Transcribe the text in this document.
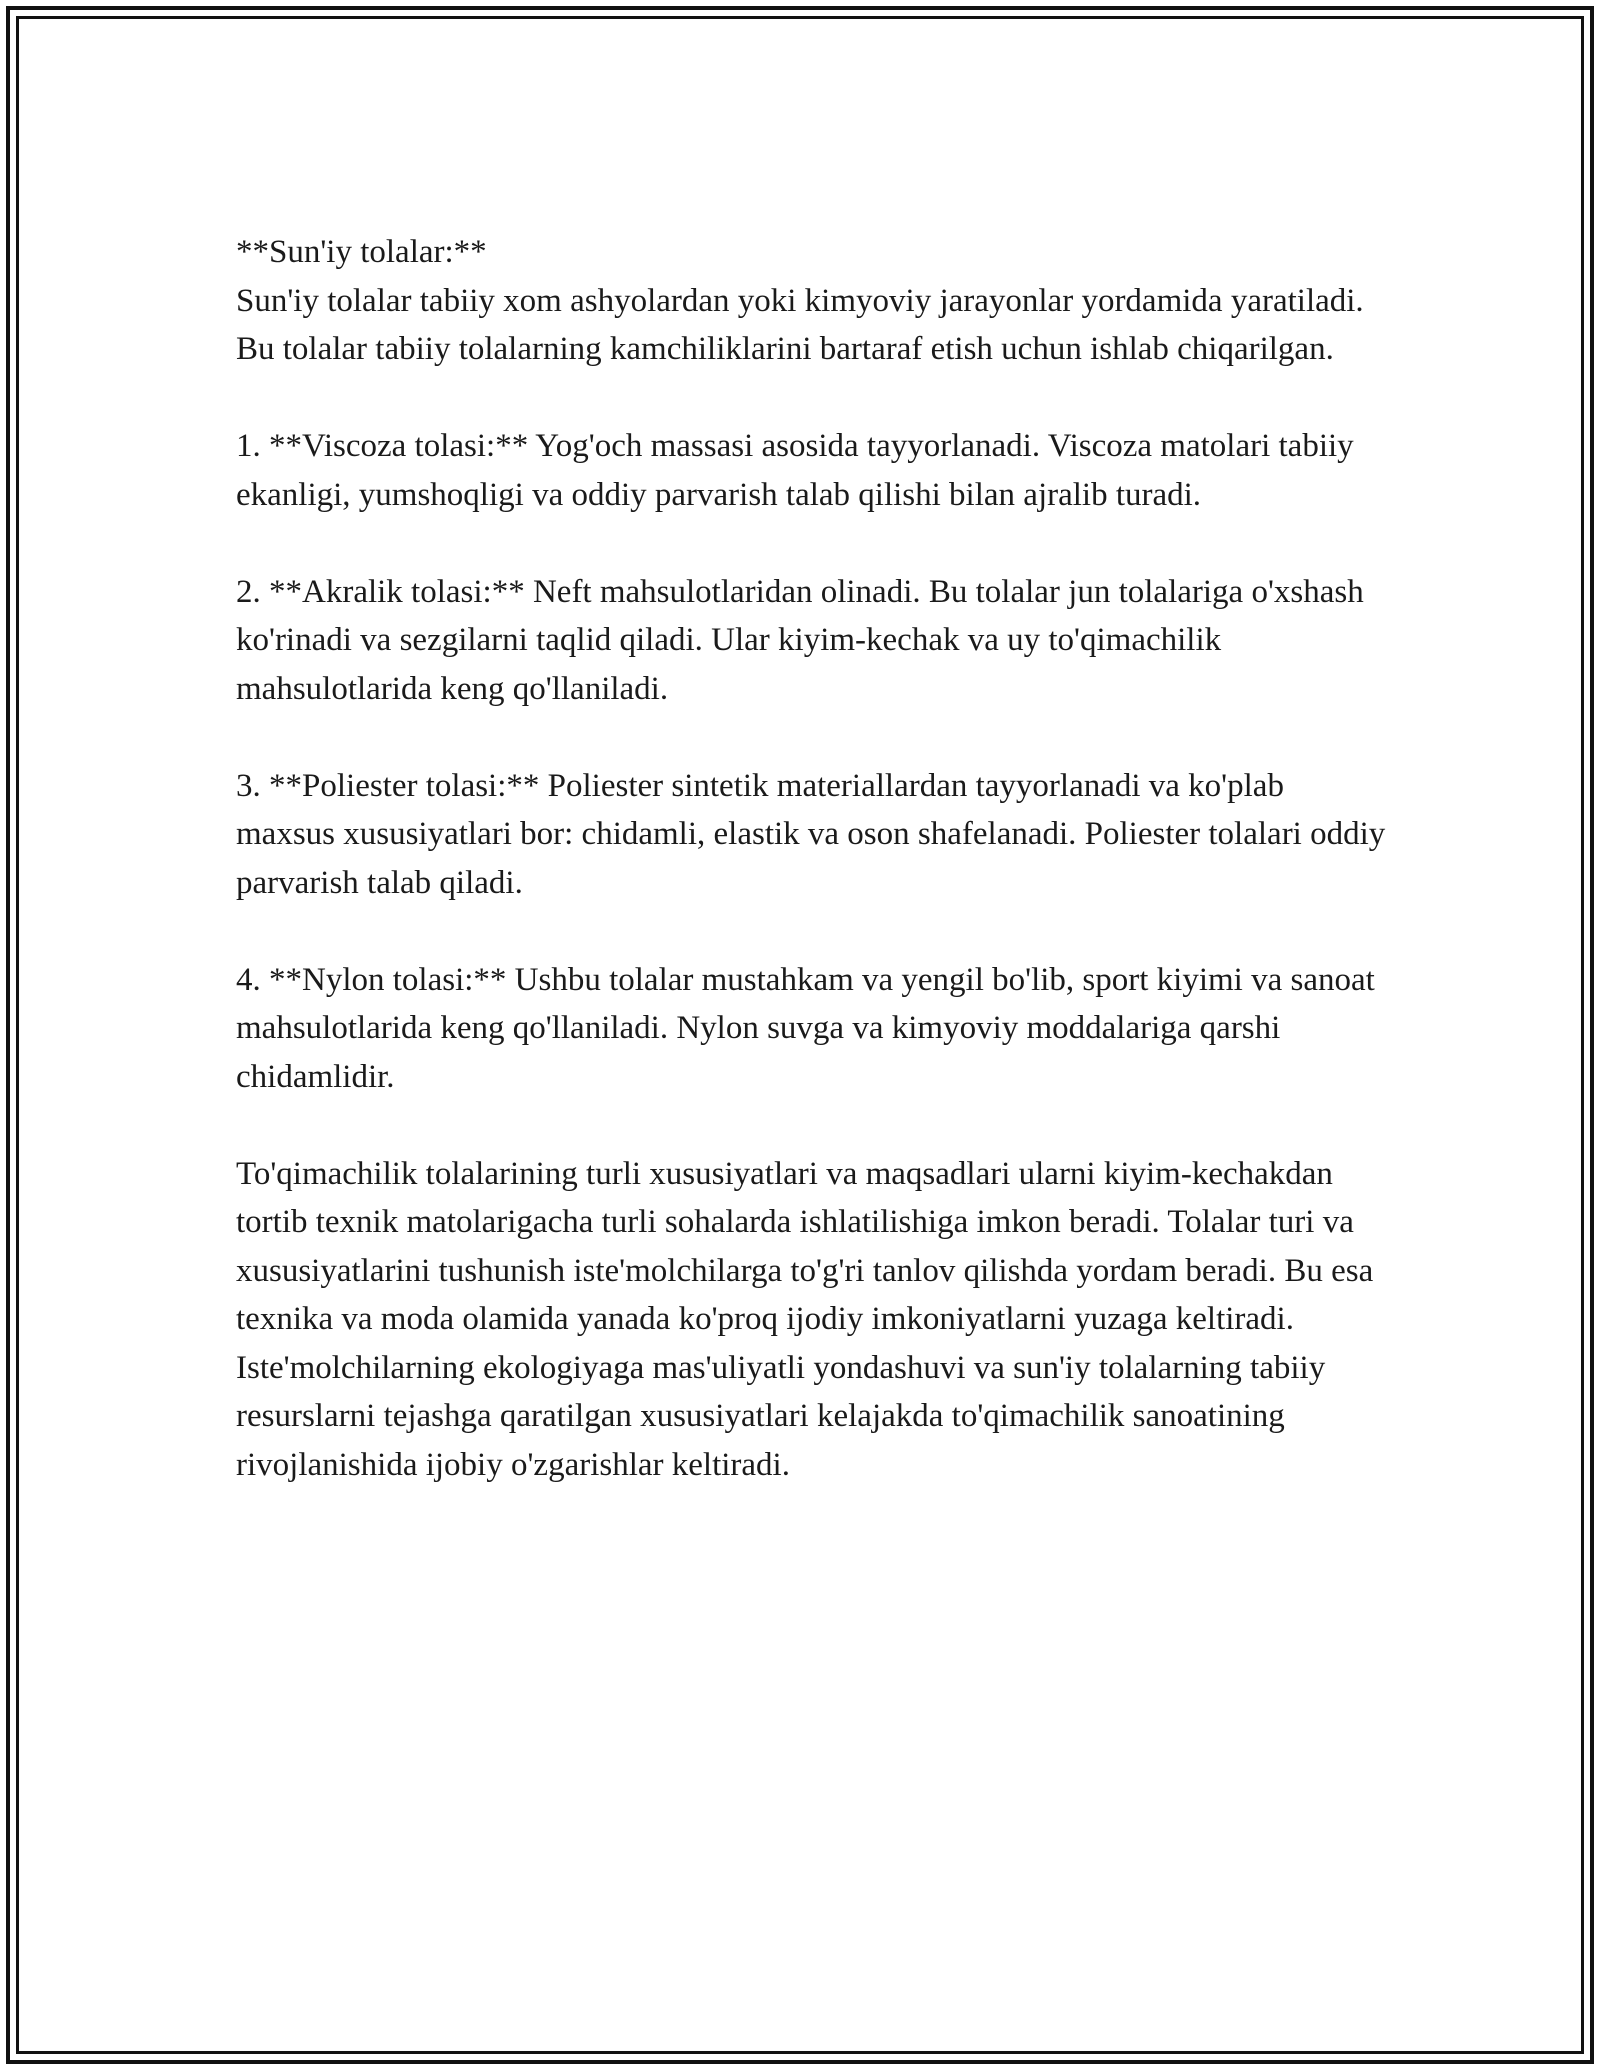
**Sun'iy tolalar:**

Sun'iy tolalar tabiiy xom ashyolardan yoki kimyoviy jarayonlar yordamida yaratiladi. Bu tolalar tabiiy tolalarning kamchiliklarini bartaraf etish uchun ishlab chiqarilgan.

1. **Viscoza tolasi:** Yog'och massasi asosida tayyorlanadi. Viscoza matolari tabiiy ekanligi, yumshoqligi va oddiy parvarish talab qilishi bilan ajralib turadi.

2. **Akralik tolasi:** Neft mahsulotlaridan olinadi. Bu tolalar jun tolalariga o'xshash ko'rinadi va sezgilarni taqlid qiladi. Ular kiyim-kechak va uy to'qimachilik mahsulotlarida keng qo'llaniladi.

3. **Poliester tolasi:** Poliester sintetik materiallardan tayyorlanadi va ko'plab maxsus xususiyatlari bor: chidamli, elastik va oson shafelanadi. Poliester tolalari oddiy parvarish talab qiladi.

4. **Nylon tolasi:** Ushbu tolalar mustahkam va yengil bo'lib, sport kiyimi va sanoat mahsulotlarida keng qo'llaniladi. Nylon suvga va kimyoviy moddalariga qarshi chidamlidir.

To'qimachilik tolalarining turli xususiyatlari va maqsadlari ularni kiyim-kechakdan tortib texnik matolarigacha turli sohalarda ishlatilishiga imkon beradi. Tolalar turi va xususiyatlarini tushunish iste'molchilarga to'g'ri tanlov qilishda yordam beradi. Bu esa texnika va moda olamida yanada ko'proq ijodiy imkoniyatlarni yuzaga keltiradi. Iste'molchilarning ekologiyaga mas'uliyatli yondashuvi va sun'iy tolalarning tabiiy resurslarni tejashga qaratilgan xususiyatlari kelajakda to'qimachilik sanoatining rivojlanishida ijobiy o'zgarishlar keltiradi.
